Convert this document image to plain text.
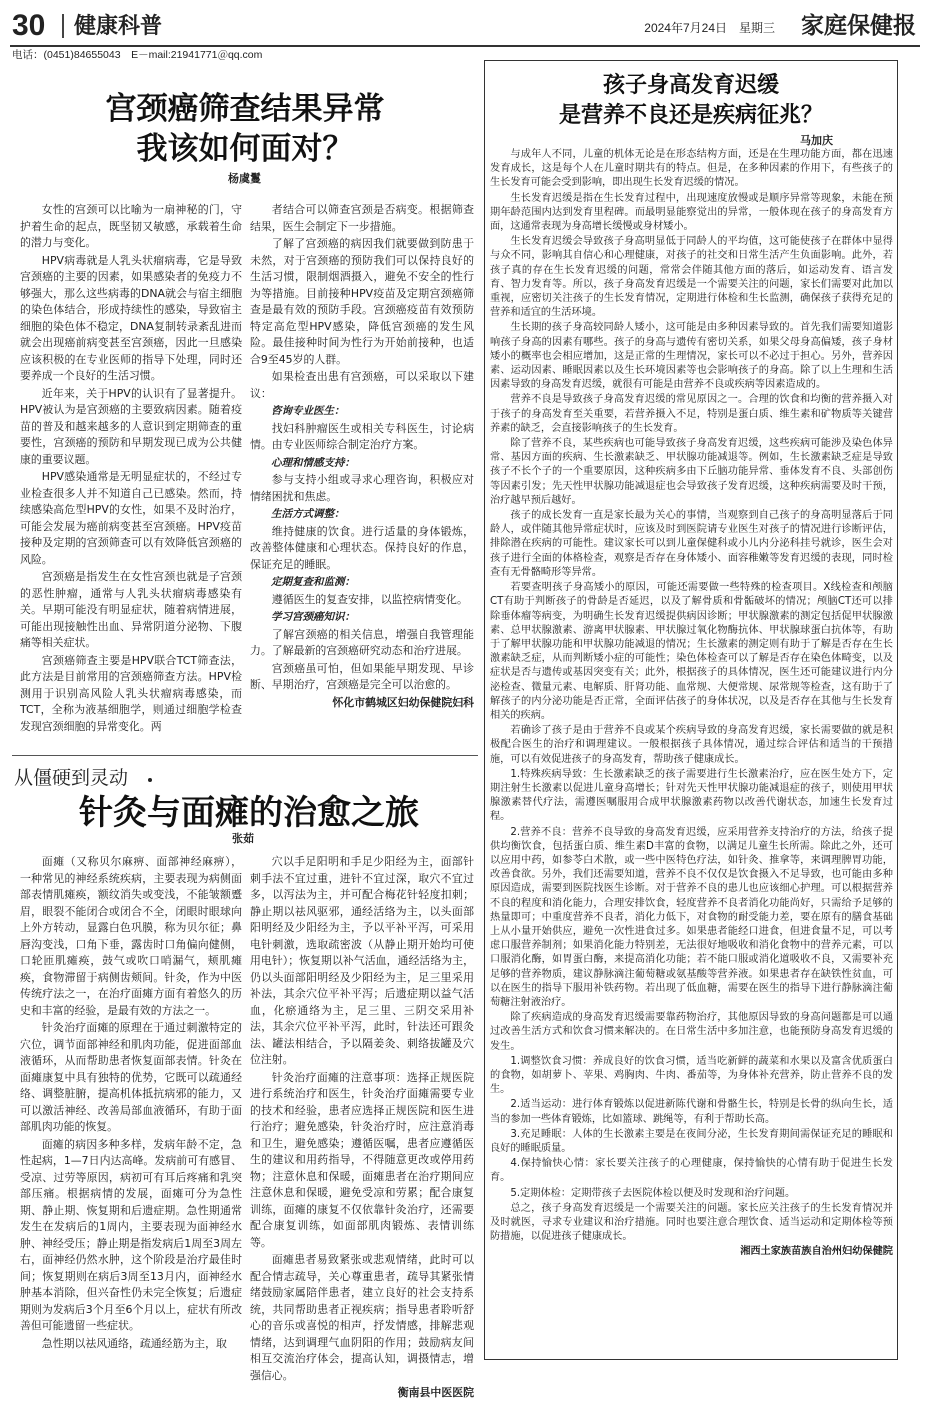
30 健康科普	2024年7月24日　星期三 家庭保健报
电话：(0451)84655043　E－mail:21941771＠qq.com
宫颈癌筛查结果异常
我该如何面对？
杨虞鬘

女性的宫颈可以比喻为一扇神秘的门，守护着生命的起点，既坚韧又敏感，承载着生命的潜力与变化。

HPV病毒就是人乳头状瘤病毒，它是导致宫颈癌的主要的因素，如果感染者的免疫力不够强大，那么这些病毒的DNA就会与宿主细胞的染色体结合，形成持续性的感染，导致宿主细胞的染色体不稳定，DNA复制转录紊乱进而就会出现癌前病变甚至宫颈癌，因此一旦感染应该积极的在专业医师的指导下处理，同时还要养成一个良好的生活习惯。

近年来，关于HPV的认识有了显著提升。HPV被认为是宫颈癌的主要致病因素。随着疫苗的普及和越来越多的人意识到定期筛查的重要性，宫颈癌的预防和早期发现已成为公共健康的重要议题。

HPV感染通常是无明显症状的，不经过专业检查很多人并不知道自己已感染。然而，持续感染高危型HPV的女性，如果不及时治疗，可能会发展为癌前病变甚至宫颈癌。HPV疫苗接种及定期的宫颈筛查可以有效降低宫颈癌的风险。

宫颈癌是指发生在女性宫颈也就是子宫颈的恶性肿瘤，通常与人乳头状瘤病毒感染有关。早期可能没有明显症状，随着病情进展，可能出现接触性出血、异常阴道分泌物、下腹痛等相关症状。

宫颈癌筛查主要是HPV联合TCT筛查法，此方法是目前常用的宫颈癌筛查方法。HPV检测用于识别高风险人乳头状瘤病毒感染，而TCT，全称为液基细胞学，则通过细胞学检查发现宫颈细胞的异常变化。两

者结合可以筛查宫颈是否病变。根据筛查结果，医生会制定下一步措施。

了解了宫颈癌的病因我们就要做到防患于未然，对于宫颈癌的预防我们可以保持良好的生活习惯，限制烟酒摄入，避免不安全的性行为等措施。目前接种HPV疫苗及定期宫颈癌筛查是最有效的预防手段。宫颈癌疫苗有效预防特定高危型HPV感染，降低宫颈癌的发生风险。最佳接种时间为性行为开始前接种，也适合9至45岁的人群。

如果检查出患有宫颈癌，可以采取以下建议：

咨询专业医生：

找妇科肿瘤医生或相关专科医生，讨论病情。由专业医师综合制定治疗方案。

心理和情感支持：

参与支持小组或寻求心理咨询，积极应对情绪困扰和焦虑。

生活方式调整：

维持健康的饮食。进行适量的身体锻炼，改善整体健康和心理状态。保持良好的作息，保证充足的睡眠。

定期复查和监测：

遵循医生的复查安排，以监控病情变化。

学习宫颈癌知识：

了解宫颈癌的相关信息，增强自我管理能力。了解最新的宫颈癌研究动态和治疗进展。

宫颈癌虽可怕，但如果能早期发现、早诊断、早期治疗，宫颈癌是完全可以治愈的。

怀化市鹤城区妇幼保健院妇科

从僵硬到灵动
针灸与面瘫的治愈之旅
张茹

面瘫（又称贝尔麻痹、面部神经麻痹），一种常见的神经系统疾病，主要表现为病侧面部表情肌瘫痪，额纹消失或变浅，不能皱额蹙眉，眼裂不能闭合或闭合不全，闭眼时眼球向上外方转动，显露白色巩膜，称为贝尔征；鼻唇沟变浅，口角下垂，露齿时口角偏向健侧，口轮匝肌瘫痪，鼓气或吹口哨漏气，颊肌瘫痪，食物滞留于病侧齿颊间。针灸，作为中医传统疗法之一，在治疗面瘫方面有着悠久的历史和丰富的经验，是最有效的方法之一。

针灸治疗面瘫的原理在于通过刺激特定的穴位，调节面部神经和肌肉功能，促进面部血液循环，从而帮助患者恢复面部表情。针灸在面瘫康复中具有独特的优势，它既可以疏通经络、调整脏腑，提高机体抵抗病邪的能力，又可以激活神经、改善局部血液循环，有助于面部肌肉功能的恢复。

面瘫的病因多种多样，发病年龄不定，急性起病，1—7日内达高峰。发病前可有感冒、受凉、过劳等原因，病初可有耳后疼痛和乳突部压痛。根据病情的发展，面瘫可分为急性期、静止期、恢复期和后遗症期。急性期通常发生在发病后的1周内，主要表现为面神经水肿、神经受压；静止期是指发病后1周至3周左右，面神经仍然水肿，这个阶段是治疗最佳时间；恢复期则在病后3周至13月内，面神经水肿基本消除，但兴奋性仍未完全恢复；后遗症期则为发病后3个月至6个月以上，症状有所改善但可能遗留一些症状。

急性期以祛风通络，疏通经筋为主，取

穴以手足阳明和手足少阳经为主，面部针刺手法不宜过重，进针不宜过深，取穴不宜过多，以泻法为主，并可配合梅花针轻度扣刺；静止期以祛风驱邪，通经活络为主，以头面部阳明经及少阳经为主，予以平补平泻，可采用电针刺激，选取疏密波（从静止期开始均可使用电针）；恢复期以补气活血，通经活络为主，仍以头面部阳明经及少阳经为主，足三里采用补法，其余穴位平补平泻；后遗症期以益气活血，化瘀通络为主，足三里、三阴交采用补法，其余穴位平补平泻，此时，针法还可跟灸法、罐法相结合，予以隔姜灸、刺络拔罐及穴位注射。

针灸治疗面瘫的注意事项：选择正规医院进行系统治疗和医生，针灸治疗面瘫需要专业的技术和经验，患者应选择正规医院和医生进行治疗；避免感染，针灸治疗时，应注意消毒和卫生，避免感染；遵循医嘱，患者应遵循医生的建议和用药指导，不得随意更改或停用药物；注意休息和保暖，面瘫患者在治疗期间应注意休息和保暖，避免受凉和劳累；配合康复训练，面瘫的康复不仅依靠针灸治疗，还需要配合康复训练，如面部肌肉锻炼、表情训练等。

面瘫患者易致紧张或悲观情绪，此时可以配合情志疏导，关心尊重患者，疏导其紧张情绪鼓励家属陪伴患者，建立良好的社会支持系统，共同帮助患者正视疾病；指导患者聆听舒心的音乐或喜悦的相声，抒发情感，排解悲观情绪，达到调理气血阴阳的作用；鼓励病友间相互交流治疗体会，提高认知，调摄情志，增强信心。

衡南县中医医院

孩子身高发育迟缓
是营养不良还是疾病征兆？
马加庆

与成年人不同，儿童的机体无论是在形态结构方面，还是在生理功能方面，都在迅速发育成长，这是每个人在儿童时期共有的特点。但是，在多种因素的作用下，有些孩子的生长发育可能会受到影响，即出现生长发育迟缓的情况。

生长发育迟缓是指在生长发育过程中，出现速度放慢或是顺序异常等现象，未能在预期年龄范围内达到发育里程碑。而最明显能察觉出的异常，一般体现在孩子的身高发育方面，这通常表现为身高增长缓慢或身材矮小。

生长发育迟缓会导致孩子身高明显低于同龄人的平均值，这可能使孩子在群体中显得与众不同，影响其自信心和心理健康，对孩子的社交和日常生活产生负面影响。此外，若孩子真的存在生长发育迟缓的问题，常常会伴随其他方面的落后，如运动发育、语言发育、智力发育等。所以，孩子身高发育迟缓是一个需要关注的问题，家长们需要对此加以重视，应密切关注孩子的生长发育情况，定期进行体检和生长监测，确保孩子获得充足的营养和适宜的生活环境。

生长期的孩子身高较同龄人矮小，这可能是由多种因素导致的。首先我们需要知道影响孩子身高的因素有哪些。孩子的身高与遗传有密切关系，如果父母身高偏矮，孩子身材矮小的概率也会相应增加，这是正常的生理情况，家长可以不必过于担心。另外，营养因素、运动因素、睡眠因素以及生长环境因素等也会影响孩子的身高。除了以上生理和生活因素导致的身高发育迟缓，就很有可能是由营养不良或疾病等因素造成的。

营养不良是导致孩子身高发育迟缓的常见原因之一。合理的饮食和均衡的营养摄入对于孩子的身高发育至关重要，若营养摄入不足，特别是蛋白质、维生素和矿物质等关键营养素的缺乏，会直接影响孩子的生长发育。

除了营养不良，某些疾病也可能导致孩子身高发育迟缓，这些疾病可能涉及染色体异常、基因方面的疾病、生长激素缺乏、甲状腺功能减退等。例如，生长激素缺乏症是导致孩子不长个子的一个重要原因，这种疾病多由下丘脑功能异常、垂体发育不良、头部创伤等因素引发；先天性甲状腺功能减退症也会导致孩子发育迟缓，这种疾病需要及时干预，治疗越早预后越好。

孩子的成长发育一直是家长最为关心的事情，当观察到自己孩子的身高明显落后于同龄人，或伴随其他异常症状时，应该及时到医院请专业医生对孩子的情况进行诊断评估，排除潜在疾病的可能性。建议家长可以到儿童保健科或小儿内分泌科挂号就诊，医生会对孩子进行全面的体格检查，观察是否存在身体矮小、面容稚嫩等发育迟缓的表现，同时检查有无骨骼畸形等异常。

若要查明孩子身高矮小的原因，可能还需要做一些特殊的检查项目。X线检查和颅脑CT有助于判断孩子的骨龄是否延迟，以及了解骨质和骨骺破坏的情况；颅脑CT还可以排除垂体瘤等病变，为明确生长发育迟缓提供病因诊断；甲状腺激素的测定包括促甲状腺激素、总甲状腺激素、游离甲状腺素、甲状腺过氧化物酶抗体、甲状腺球蛋白抗体等，有助于了解甲状腺功能和甲状腺功能减退的情况；生长激素的测定则有助于了解是否存在生长激素缺乏症，从而判断矮小症的可能性；染色体检查可以了解是否存在染色体畸变，以及症状是否与遗传或基因突变有关；此外，根据孩子的具体情况，医生还可能建议进行内分泌检查、微量元素、电解质、肝肾功能、血常规、大便常规、尿常规等检查，这有助于了解孩子的内分泌功能是否正常，全面评估孩子的身体状况，以及是否存在其他与生长发育相关的疾病。

若确诊了孩子是由于营养不良或某个疾病导致的身高发育迟缓，家长需要做的就是积极配合医生的治疗和调理建议。一般根据孩子具体情况，通过综合评估和适当的干预措施，可以有效促进孩子的身高发育，帮助孩子健康成长。

1.特殊疾病导致：生长激素缺乏的孩子需要进行生长激素治疗，应在医生处方下，定期注射生长激素以促进儿童身高增长；针对先天性甲状腺功能减退症的孩子，则使用甲状腺激素替代疗法，需遵医嘱服用合成甲状腺激素药物以改善代谢状态，加速生长发育过程。

2.营养不良：营养不良导致的身高发育迟缓，应采用营养支持治疗的方法，给孩子提供均衡饮食，包括蛋白质、维生素D丰富的食物，以满足儿童生长所需。除此之外，还可以应用中药，如参苓白术散，或一些中医特色疗法，如针灸、推拿等，来调理脾胃功能，改善食欲。另外，我们还需要知道，营养不良不仅仅是饮食摄入不足导致，也可能由多种原因造成，需要到医院找医生诊断。对于营养不良的患儿也应该细心护理。可以根据营养不良的程度和消化能力，合理安排饮食，轻度营养不良者消化功能尚好，只需给予足够的热量即可；中重度营养不良者，消化力低下，对食物的耐受能力差，要在原有的膳食基础上从小量开始供应，避免一次性进食过多。如果患者能经口进食，但进食量不足，可以考虑口服营养制剂；如果消化能力特别差，无法很好地吸收和消化食物中的营养元素，可以口服消化酶，如胃蛋白酶，来提高消化功能；若不能口服或消化道吸收不良，又需要补充足够的营养物质，建议静脉滴注葡萄糖或氨基酸等营养液。如果患者存在缺铁性贫血，可以在医生的指导下服用补铁药物。若出现了低血糖，需要在医生的指导下进行静脉滴注葡萄糖注射液治疗。

除了疾病造成的身高发育迟缓需要靠药物治疗，其他原因导致的身高问题都是可以通过改善生活方式和饮食习惯来解决的。在日常生活中多加注意，也能预防身高发育迟缓的发生。

1.调整饮食习惯：养成良好的饮食习惯，适当吃新鲜的蔬菜和水果以及富含优质蛋白的食物，如胡萝卜、苹果、鸡胸肉、牛肉、番茄等，为身体补充营养，防止营养不良的发生。

2.适当运动：进行体育锻炼以促进新陈代谢和骨骼生长，特别是长骨的纵向生长，适当的参加一些体育锻炼，比如篮球、跳绳等，有利于帮助长高。

3.充足睡眠：人体的生长激素主要是在夜间分泌，生长发育期间需保证充足的睡眠和良好的睡眠质量。

4.保持愉快心情：家长要关注孩子的心理健康，保持愉快的心情有助于促进生长发育。

5.定期体检：定期带孩子去医院体检以便及时发现和治疗问题。

总之，孩子身高发育迟缓是一个需要关注的问题。家长应关注孩子的生长发育情况并及时就医，寻求专业建议和治疗措施。同时也要注意合理饮食、适当运动和定期体检等预防措施，以促进孩子健康成长。

湘西土家族苗族自治州妇幼保健院
